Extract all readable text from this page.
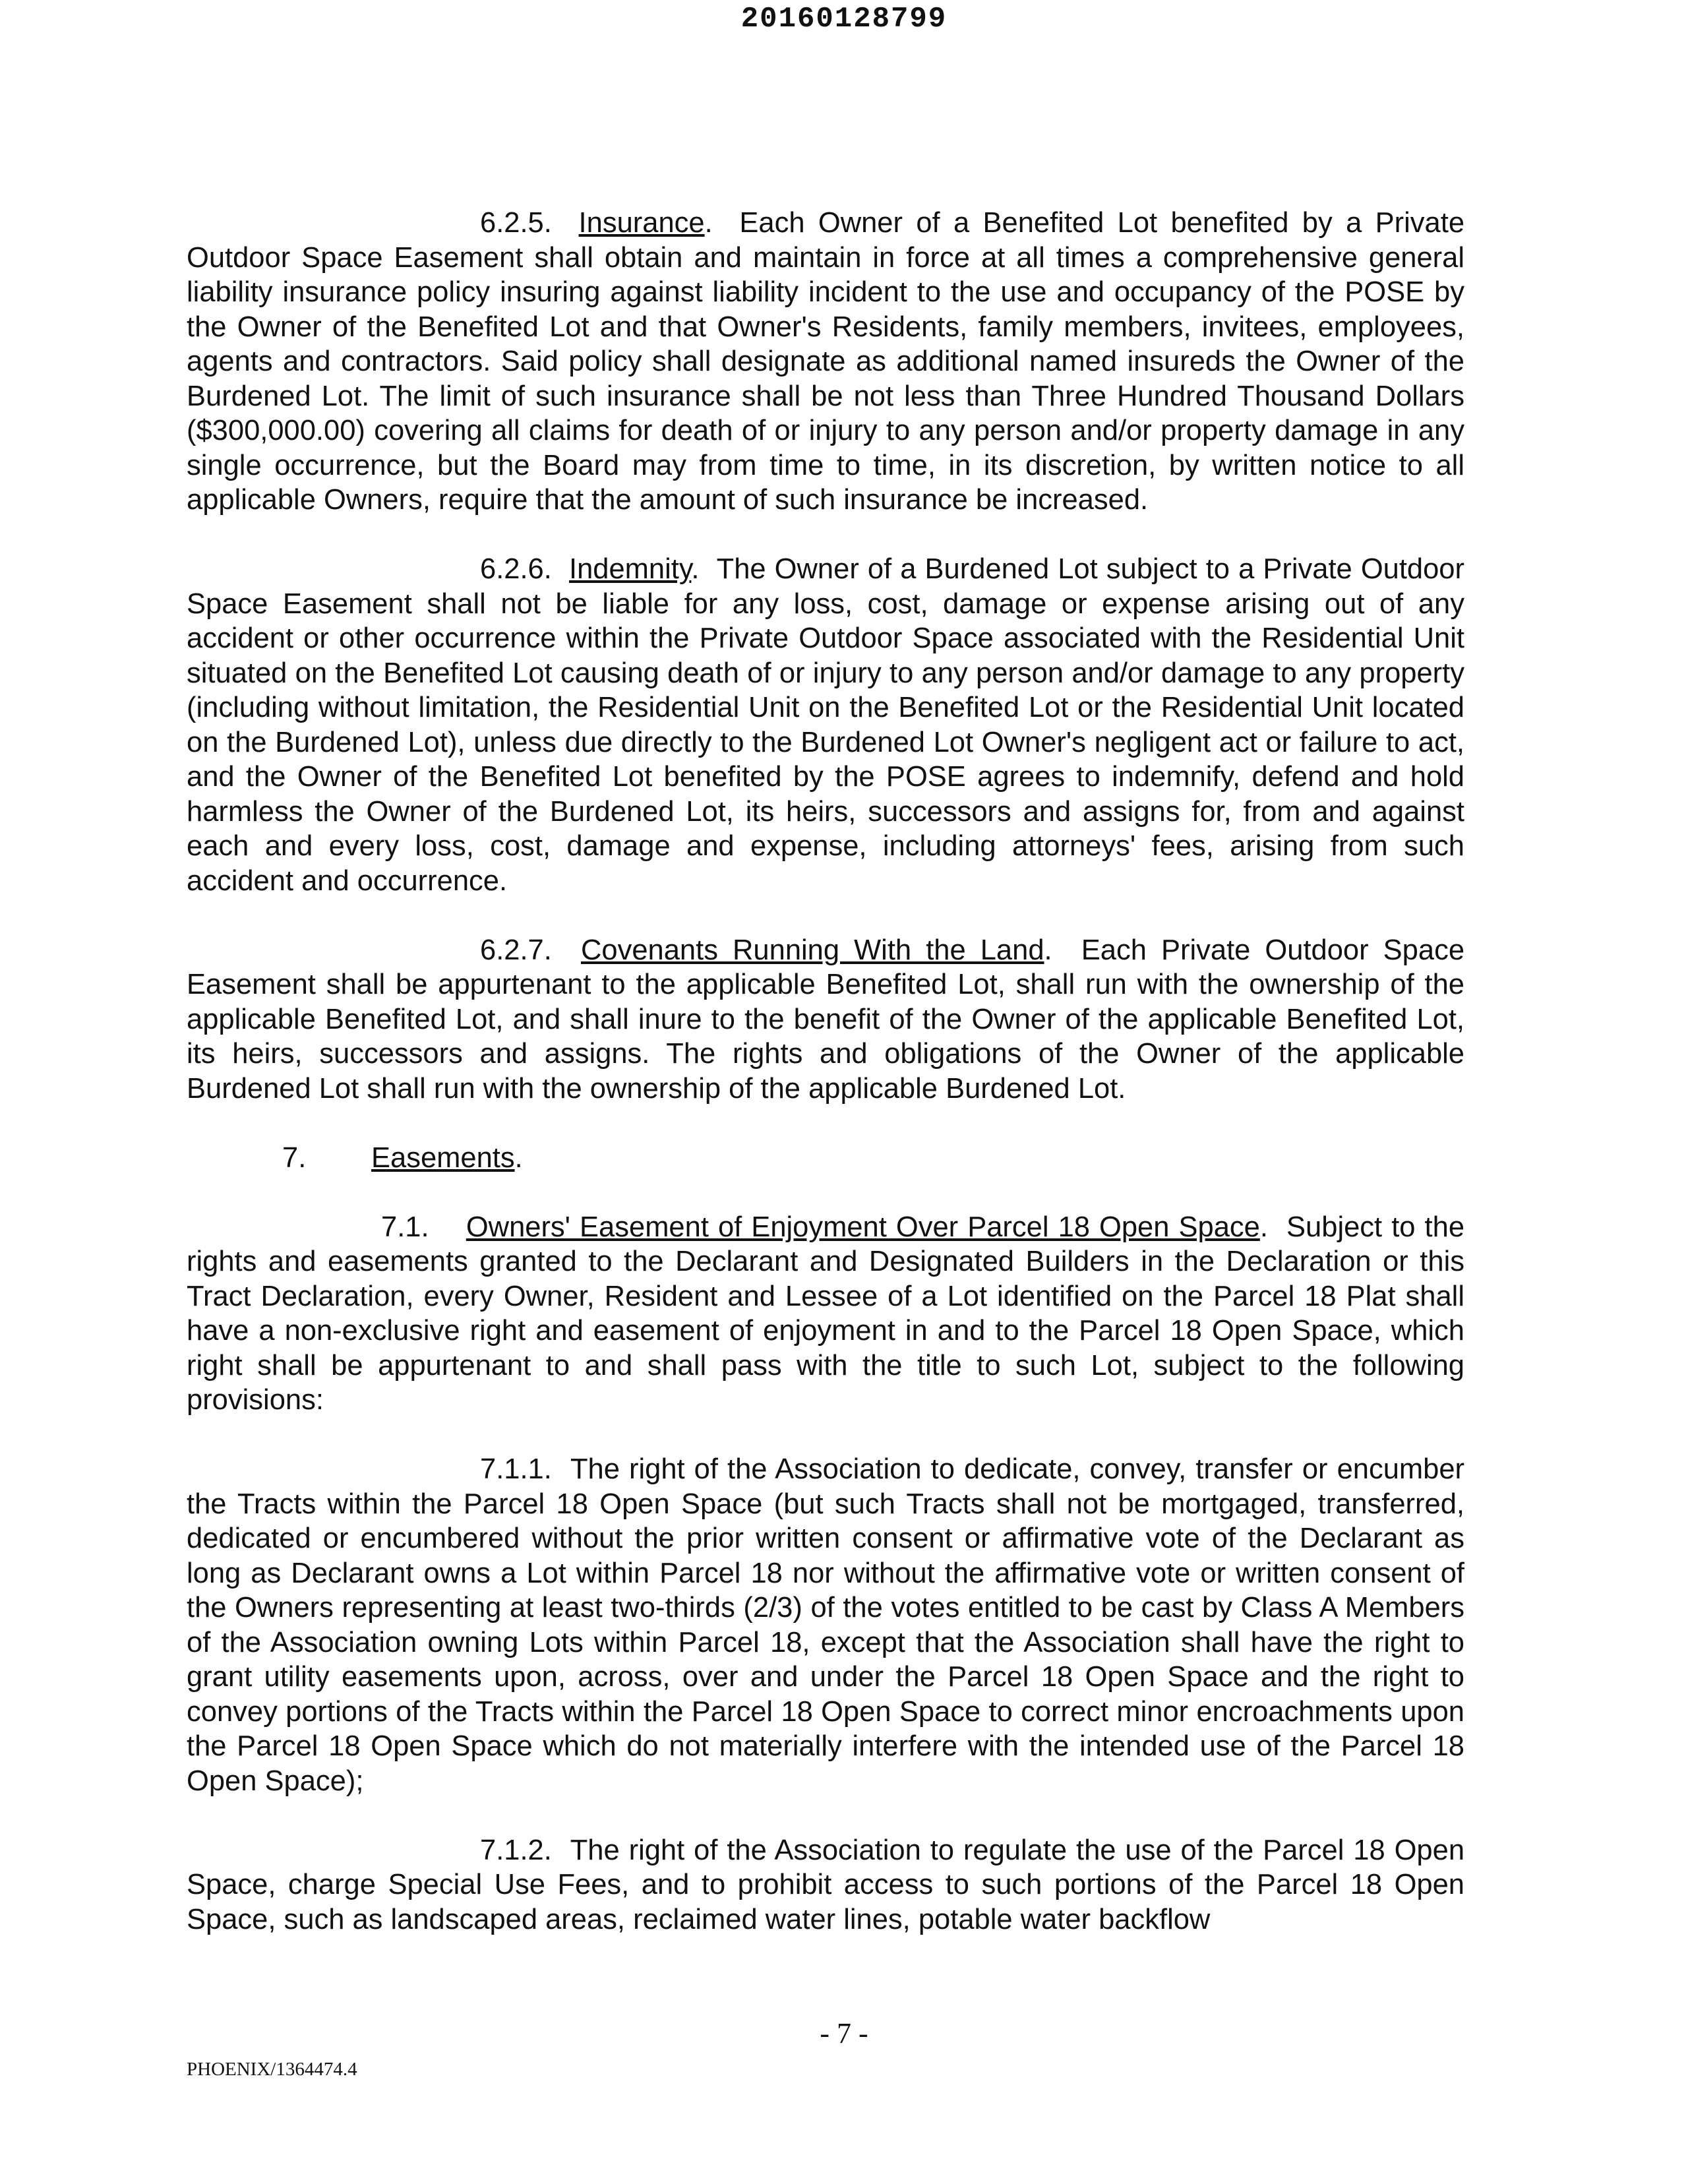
20160128799

6.2.5. Insurance.  Each Owner of a Benefited Lot benefited by a Private Outdoor Space Easement shall obtain and maintain in force at all times a comprehensive general liability insurance policy insuring against liability incident to the use and occupancy of the POSE by the Owner of the Benefited Lot and that Owner's Residents, family members, invitees, employees, agents and contractors. Said policy shall designate as additional named insureds the Owner of the Burdened Lot. The limit of such insurance shall be not less than Three Hundred Thousand Dollars ($300,000.00) covering all claims for death of or injury to any person and/or property damage in any single occurrence, but the Board may from time to time, in its discretion, by written notice to all applicable Owners, require that the amount of such insurance be increased.

6.2.6. Indemnity.  The Owner of a Burdened Lot subject to a Private Outdoor Space Easement shall not be liable for any loss, cost, damage or expense arising out of any accident or other occurrence within the Private Outdoor Space associated with the Residential Unit situated on the Benefited Lot causing death of or injury to any person and/or damage to any property (including without limitation, the Residential Unit on the Benefited Lot or the Residential Unit located on the Burdened Lot), unless due directly to the Burdened Lot Owner's negligent act or failure to act, and the Owner of the Benefited Lot benefited by the POSE agrees to indemnify, defend and hold harmless the Owner of the Burdened Lot, its heirs, successors and assigns for, from and against each and every loss, cost, damage and expense, including attorneys' fees, arising from such accident and occurrence.

6.2.7. Covenants Running With the Land.  Each Private Outdoor Space Easement shall be appurtenant to the applicable Benefited Lot, shall run with the ownership of the applicable Benefited Lot, and shall inure to the benefit of the Owner of the applicable Benefited Lot, its heirs, successors and assigns. The rights and obligations of the Owner of the applicable Burdened Lot shall run with the ownership of the applicable Burdened Lot.

7. Easements.

7.1. Owners' Easement of Enjoyment Over Parcel 18 Open Space.  Subject to the rights and easements granted to the Declarant and Designated Builders in the Declaration or this Tract Declaration, every Owner, Resident and Lessee of a Lot identified on the Parcel 18 Plat shall have a non-exclusive right and easement of enjoyment in and to the Parcel 18 Open Space, which right shall be appurtenant to and shall pass with the title to such Lot, subject to the following provisions:

7.1.1. The right of the Association to dedicate, convey, transfer or encumber the Tracts within the Parcel 18 Open Space (but such Tracts shall not be mortgaged, transferred, dedicated or encumbered without the prior written consent or affirmative vote of the Declarant as long as Declarant owns a Lot within Parcel 18 nor without the affirmative vote or written consent of the Owners representing at least two-thirds (2/3) of the votes entitled to be cast by Class A Members of the Association owning Lots within Parcel 18, except that the Association shall have the right to grant utility easements upon, across, over and under the Parcel 18 Open Space and the right to convey portions of the Tracts within the Parcel 18 Open Space to correct minor encroachments upon the Parcel 18 Open Space which do not materially interfere with the intended use of the Parcel 18 Open Space);

7.1.2. The right of the Association to regulate the use of the Parcel 18 Open Space, charge Special Use Fees, and to prohibit access to such portions of the Parcel 18 Open Space, such as landscaped areas, reclaimed water lines, potable water backflow

- 7 -
PHOENIX/1364474.4
